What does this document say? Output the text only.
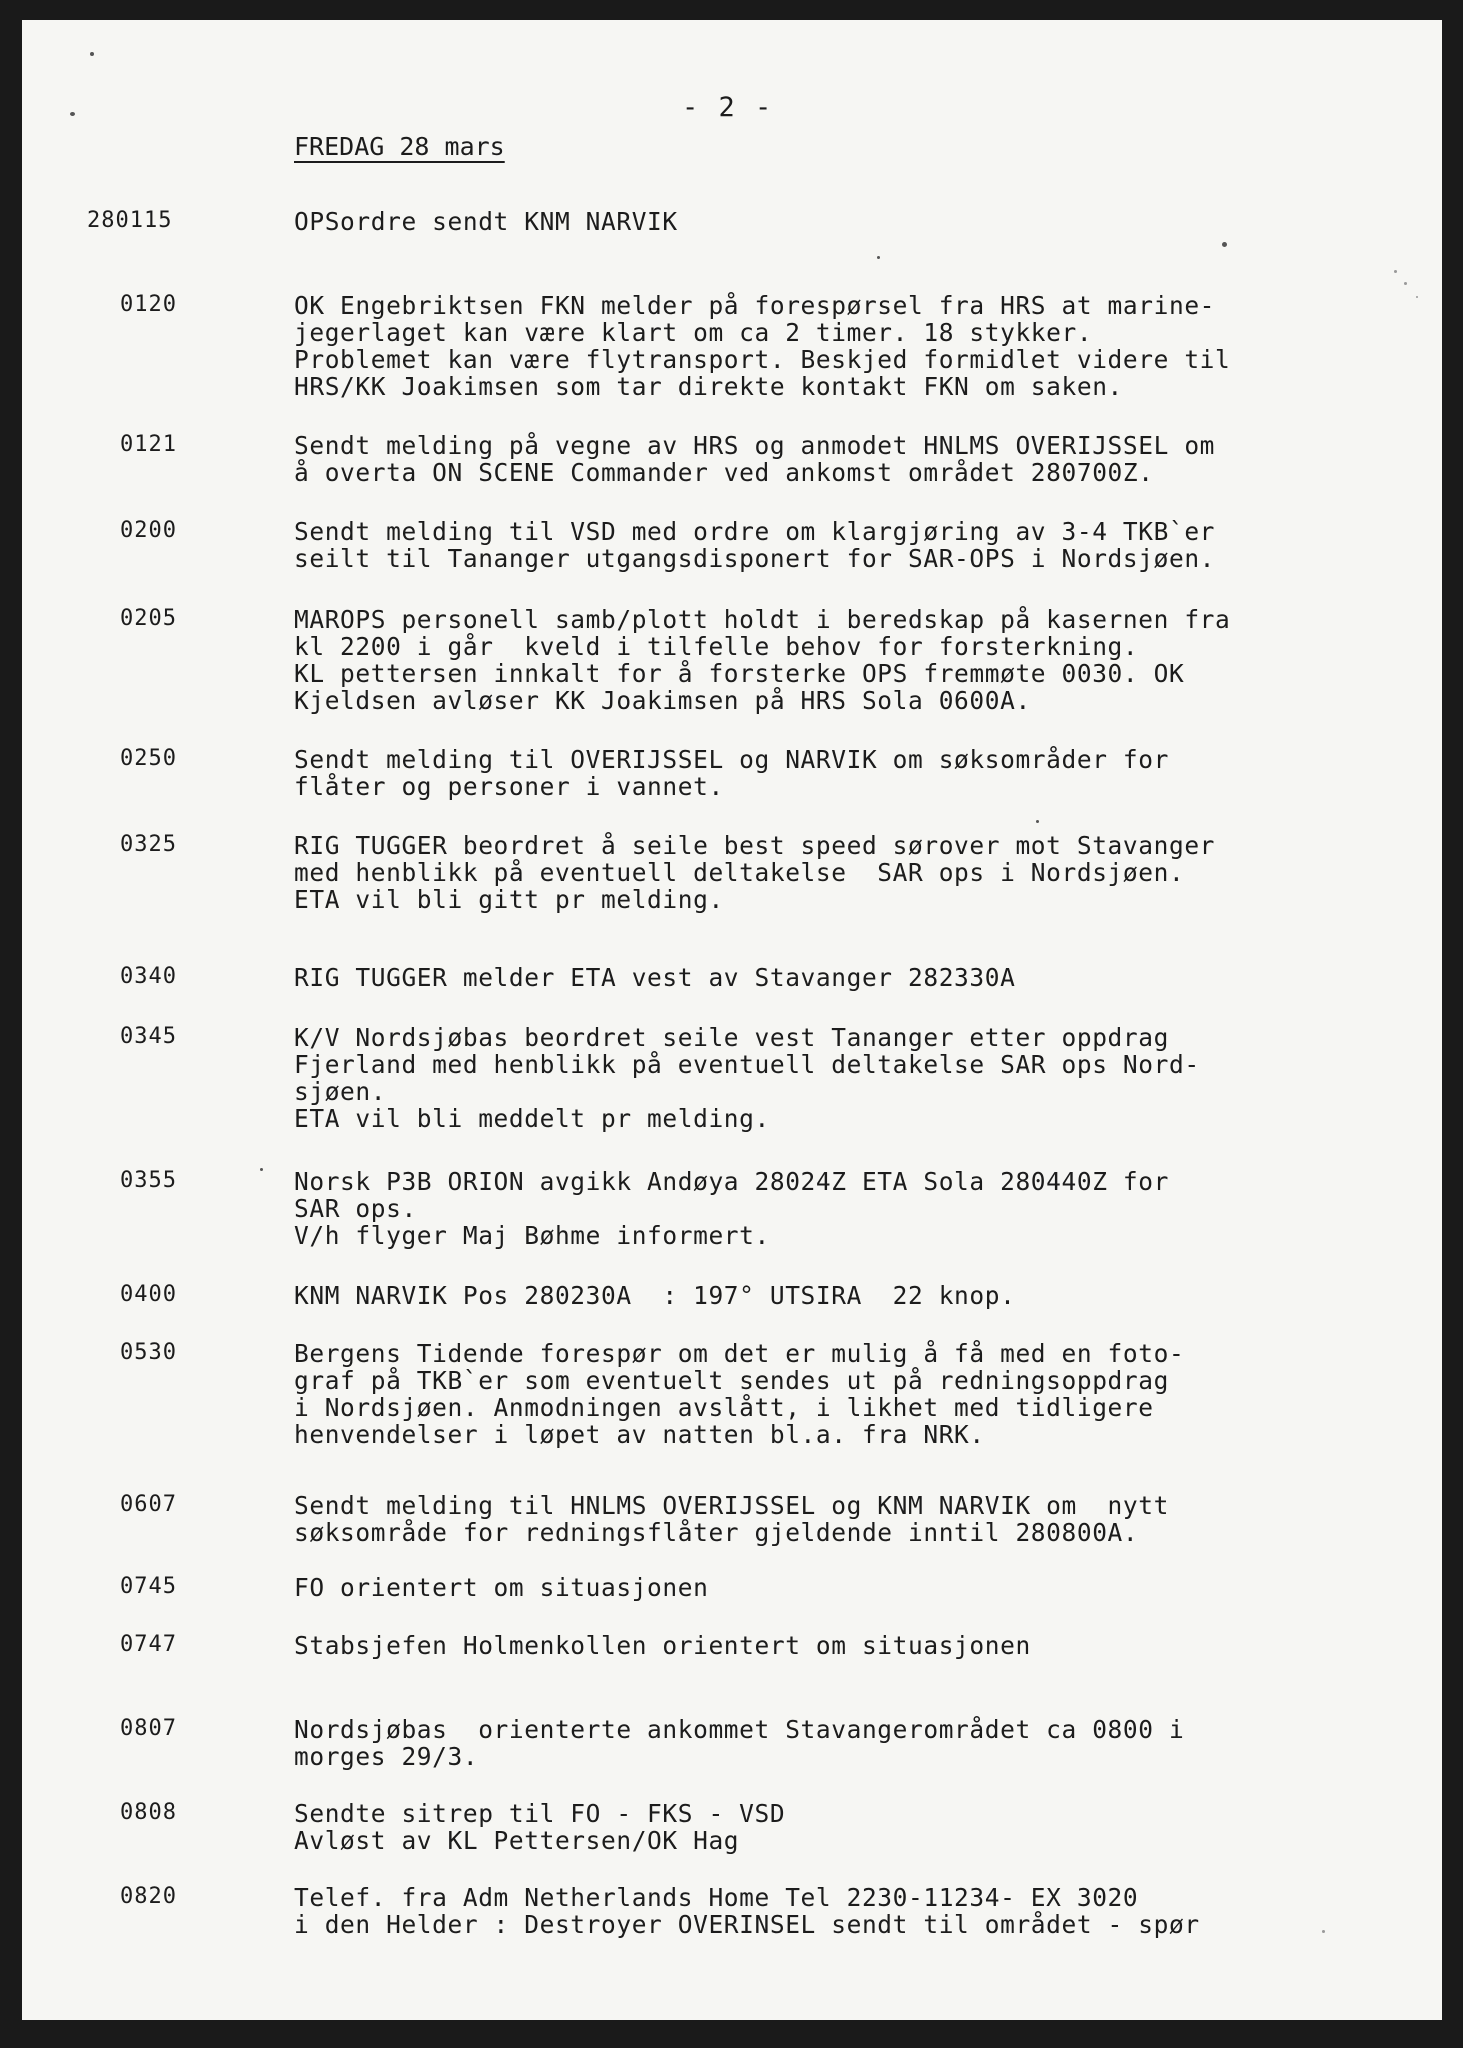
- 2 -
FREDAG 28 mars
280115	OPSordre sendt KNM NARVIK
0120	OK Engebriktsen FKN melder på forespørsel fra HRS at marine-
jegerlaget kan være klart om ca 2 timer. 18 stykker.
Problemet kan være flytransport. Beskjed formidlet videre til
HRS/KK Joakimsen som tar direkte kontakt FKN om saken.
0121	Sendt melding på vegne av HRS og anmodet HNLMS OVERIJSSEL om
å overta ON SCENE Commander ved ankomst området 280700Z.
0200	Sendt melding til VSD med ordre om klargjøring av 3-4 TKB`er
seilt til Tananger utgangsdisponert for SAR-OPS i Nordsjøen.
0205	MAROPS personell samb/plott holdt i beredskap på kasernen fra
kl 2200 i går  kveld i tilfelle behov for forsterkning.
KL pettersen innkalt for å forsterke OPS fremmøte 0030. OK
Kjeldsen avløser KK Joakimsen på HRS Sola 0600A.
0250	Sendt melding til OVERIJSSEL og NARVIK om søksområder for
flåter og personer i vannet.
0325	RIG TUGGER beordret å seile best speed sørover mot Stavanger
med henblikk på eventuell deltakelse  SAR ops i Nordsjøen.
ETA vil bli gitt pr melding.
0340	RIG TUGGER melder ETA vest av Stavanger 282330A
0345	K/V Nordsjøbas beordret seile vest Tananger etter oppdrag
Fjerland med henblikk på eventuell deltakelse SAR ops Nord-
sjøen.
ETA vil bli meddelt pr melding.
0355	Norsk P3B ORION avgikk Andøya 28024Z ETA Sola 280440Z for
SAR ops.
V/h flyger Maj Bøhme informert.
0400	KNM NARVIK Pos 280230A  : 197° UTSIRA  22 knop.
0530	Bergens Tidende forespør om det er mulig å få med en foto-
graf på TKB`er som eventuelt sendes ut på redningsoppdrag
i Nordsjøen. Anmodningen avslått, i likhet med tidligere
henvendelser i løpet av natten bl.a. fra NRK.
0607	Sendt melding til HNLMS OVERIJSSEL og KNM NARVIK om  nytt
søksområde for redningsflåter gjeldende inntil 280800A.
0745	FO orientert om situasjonen
0747	Stabsjefen Holmenkollen orientert om situasjonen
0807	Nordsjøbas  orienterte ankommet Stavangerområdet ca 0800 i
morges 29/3.
0808	Sendte sitrep til FO - FKS - VSD
Avløst av KL Pettersen/OK Hag
0820	Telef. fra Adm Netherlands Home Tel 2230-11234- EX 3020
i den Helder : Destroyer OVERINSEL sendt til området - spør
